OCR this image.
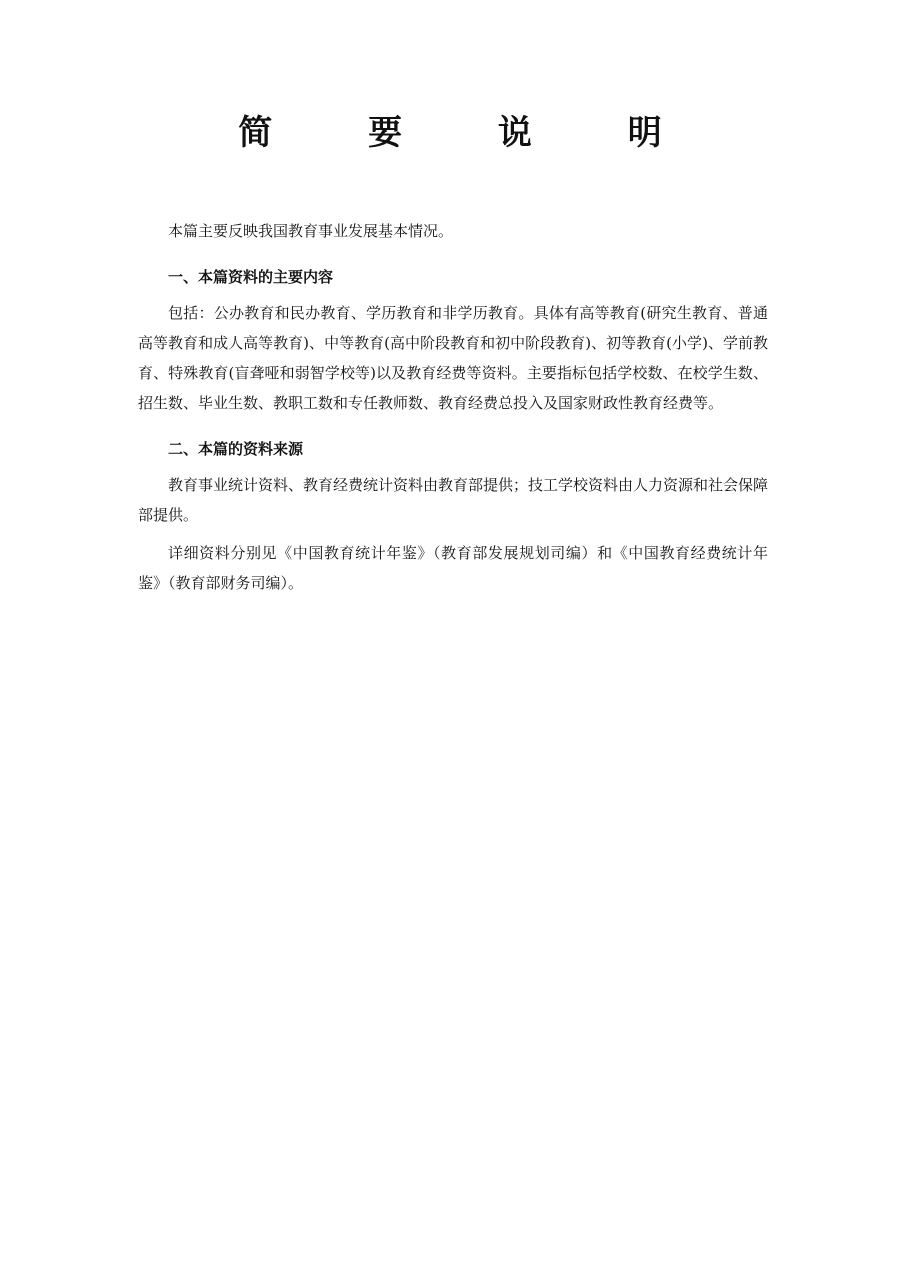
简 要 说 明

本篇主要反映我国教育事业发展基本情况。

一、本篇资料的主要内容

包括：公办教育和民办教育、学历教育和非学历教育。具体有高等教育(研究生教育、普通高等教育和成人高等教育)、中等教育(高中阶段教育和初中阶段教育)、初等教育(小学)、学前教育、特殊教育(盲聋哑和弱智学校等)以及教育经费等资料。主要指标包括学校数、在校学生数、招生数、毕业生数、教职工数和专任教师数、教育经费总投入及国家财政性教育经费等。

二、本篇的资料来源

教育事业统计资料、教育经费统计资料由教育部提供；技工学校资料由人力资源和社会保障部提供。

详细资料分别见《中国教育统计年鉴》（教育部发展规划司编）和《中国教育经费统计年鉴》（教育部财务司编）。
